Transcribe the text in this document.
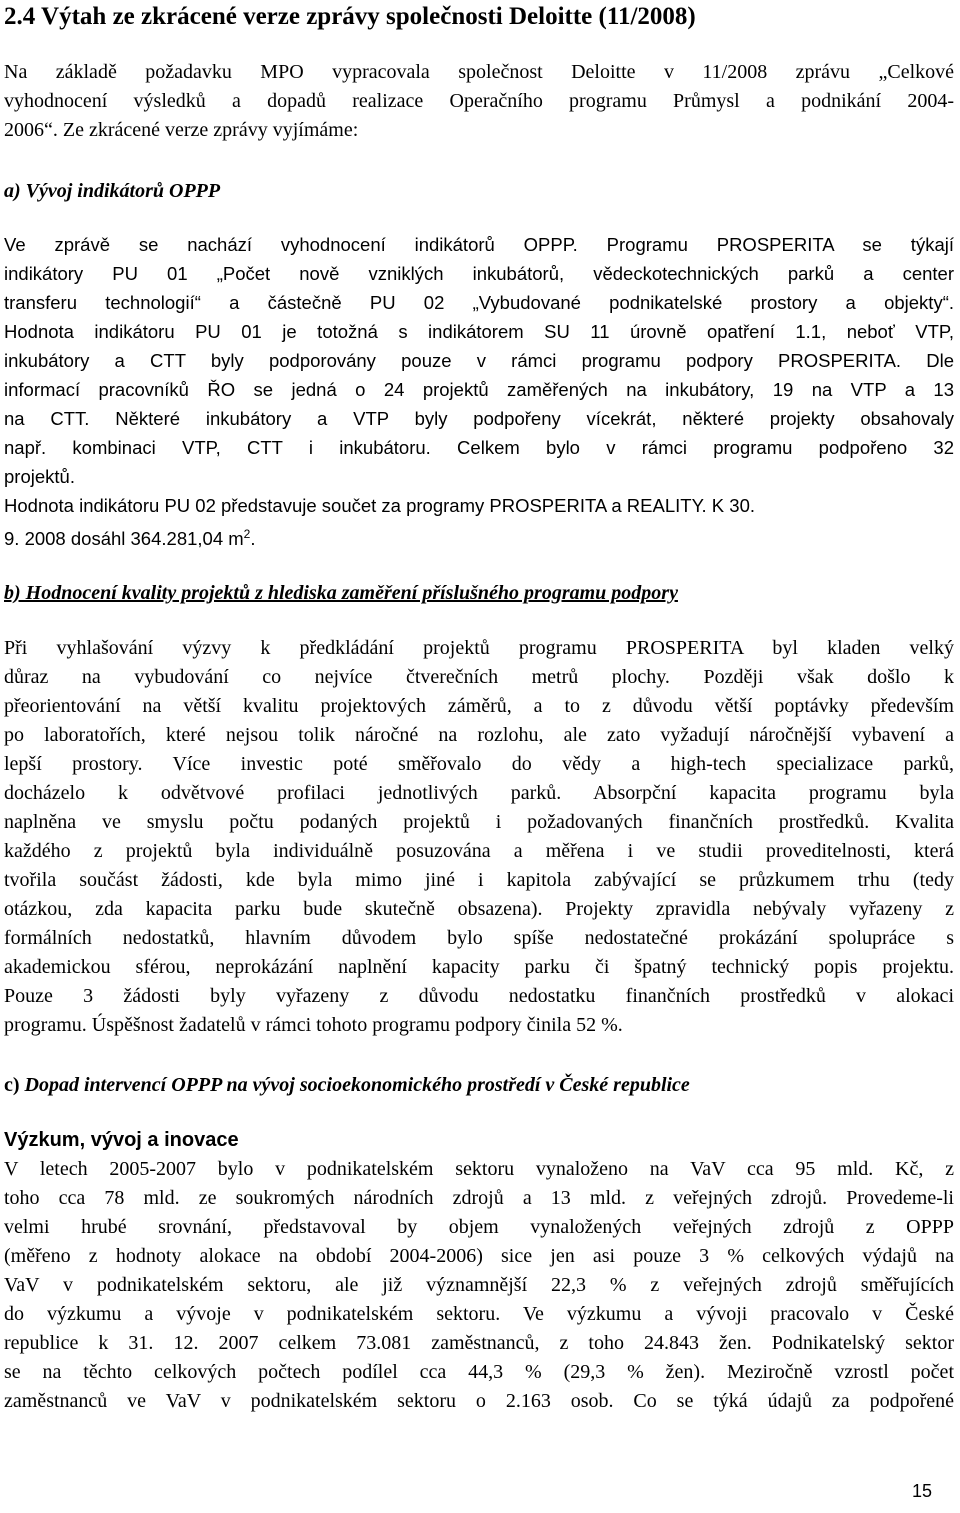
2.4 Výtah ze zkrácené verze zprávy společnosti Deloitte (11/2008)
Na základě požadavku MPO vypracovala společnost Deloitte v 11/2008 zprávu „Celkové
vyhodnocení výsledků a dopadů realizace Operačního programu Průmysl a podnikání 2004-
2006“. Ze zkrácené verze zprávy vyjímáme:
a) Vývoj indikátorů OPPP
Ve zprávě se nachází vyhodnocení indikátorů OPPP. Programu PROSPERITA se týkají
indikátory PU 01 „Počet nově vzniklých inkubátorů, vědeckotechnických parků a center
transferu technologií“ a částečně PU 02 „Vybudované podnikatelské prostory a objekty“.
Hodnota indikátoru PU 01 je totožná s indikátorem SU 11 úrovně opatření 1.1, neboť VTP,
inkubátory a CTT byly podporovány pouze v rámci programu podpory PROSPERITA. Dle
informací pracovníků ŘO se jedná o 24 projektů zaměřených na inkubátory, 19 na VTP a 13
na CTT. Některé inkubátory a VTP byly podpořeny vícekrát, některé projekty obsahovaly
např. kombinaci VTP, CTT i inkubátoru. Celkem bylo v rámci programu podpořeno 32
projektů.
Hodnota indikátoru PU 02 představuje součet za programy PROSPERITA a REALITY. K 30.
9. 2008 dosáhl 364.281,04 $m^2$.
b) Hodnocení kvality projektů z hlediska zaměření příslušného programu podpory
Při vyhlašování výzvy k předkládání projektů programu PROSPERITA byl kladen velký
důraz na vybudování co nejvíce čtverečních metrů plochy. Později však došlo k
přeorientování na větší kvalitu projektových záměrů, a to z důvodu větší poptávky především
po laboratořích, které nejsou tolik náročné na rozlohu, ale zato vyžadují náročnější vybavení a
lepší prostory. Více investic poté směřovalo do vědy a high-tech specializace parků,
docházelo k odvětvové profilaci jednotlivých parků. Absorpční kapacita programu byla
naplněna ve smyslu počtu podaných projektů i požadovaných finančních prostředků. Kvalita
každého z projektů byla individuálně posuzována a měřena i ve studii proveditelnosti, která
tvořila součást žádosti, kde byla mimo jiné i kapitola zabývající se průzkumem trhu (tedy
otázkou, zda kapacita parku bude skutečně obsazena). Projekty zpravidla nebývaly vyřazeny z
formálních nedostatků, hlavním důvodem bylo spíše nedostatečné prokázání spolupráce s
akademickou sférou, neprokázání naplnění kapacity parku či špatný technický popis projektu.
Pouze 3 žádosti byly vyřazeny z důvodu nedostatku finančních prostředků v alokaci
programu. Úspěšnost žadatelů v rámci tohoto programu podpory činila 52 %.
c) Dopad intervencí OPPP na vývoj socioekonomického prostředí v České republice
Výzkum, vývoj a inovace
V letech 2005-2007 bylo v podnikatelském sektoru vynaloženo na VaV cca 95 mld. Kč, z
toho cca 78 mld. ze soukromých národních zdrojů a 13 mld. z veřejných zdrojů. Provedeme-li
velmi hrubé srovnání, představoval by objem vynaložených veřejných zdrojů z OPPP
(měřeno z hodnoty alokace na období 2004-2006) sice jen asi pouze 3 % celkových výdajů na
VaV v podnikatelském sektoru, ale již významnější 22,3 % z veřejných zdrojů směřujících
do výzkumu a vývoje v podnikatelském sektoru. Ve výzkumu a vývoji pracovalo v České
republice k 31. 12. 2007 celkem 73.081 zaměstnanců, z toho 24.843 žen. Podnikatelský sektor
se na těchto celkových počtech podílel cca 44,3 % (29,3 % žen). Meziročně vzrostl počet
zaměstnanců ve VaV v podnikatelském sektoru o 2.163 osob. Co se týká údajů za podpořené
15
